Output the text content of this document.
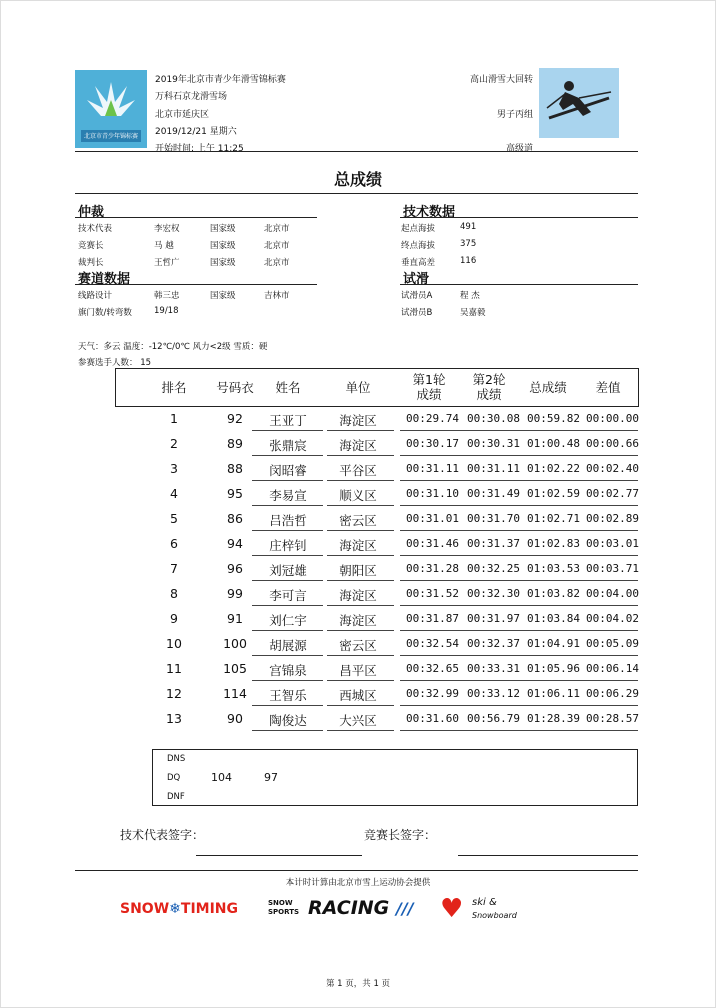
北京市青少年锦标赛
2019年北京市青少年滑雪锦标赛
万科石京龙滑雪场
北京市延庆区
2019/12/21 星期六
开始时间: 上午 11:25
高山滑雪大回转
男子丙组
高级道
总成绩
仲裁
技术代表	李宏权	国家级	北京市
竞赛长	马 越	国家级	北京市
裁判长	王哲广	国家级	北京市
赛道数据
线路设计	韩三忠	国家级	吉林市
旗门数/转弯数	19/18
技术数据
起点海拔	491
终点海拔	375
垂直高差	116
试滑
试滑员A	程 杰
试滑员B	吴嘉毅
天气：多云 温度：-12℃/0℃ 风力<2级 雪质：硬
参赛选手人数： 15
排名	号码衣	姓名	单位
第1轮
成绩
第2轮
成绩	总成绩	差值
1	92	王亚丁	海淀区	00:29.74 00:30.08 00:59.82 00:00.00
2	89	张鼎宸	海淀区	00:30.17 00:30.31 01:00.48 00:00.66
3	88	闵昭睿	平谷区	00:31.11 00:31.11 01:02.22 00:02.40
4	95	李易宣	顺义区	00:31.10 00:31.49 01:02.59 00:02.77
5	86	吕浩哲	密云区	00:31.01 00:31.70 01:02.71 00:02.89
6	94	庄梓钊	海淀区	00:31.46 00:31.37 01:02.83 00:03.01
7	96	刘冠雄	朝阳区	00:31.28 00:32.25 01:03.53 00:03.71
8	99	李可言	海淀区	00:31.52 00:32.30 01:03.82 00:04.00
9	91	刘仁宇	海淀区	00:31.87 00:31.97 01:03.84 00:04.02
10	100	胡展源	密云区	00:32.54 00:32.37 01:04.91 00:05.09
11	105	宫锦泉	昌平区	00:32.65 00:33.31 01:05.96 00:06.14
12	114	王智乐	西城区	00:32.99 00:33.12 01:06.11 00:06.29
13	90	陶俊达	大兴区	00:31.60 00:56.79 01:28.39 00:28.57
DNS
DQ	104	97
DNF
技术代表签字：	竞赛长签字：
本计时计算由北京市雪上运动协会提供
SNOW❄TIMING	SNOW
SPORTS RACING /// ♥ ski &
Snowboard
第 1 页，共 1 页
